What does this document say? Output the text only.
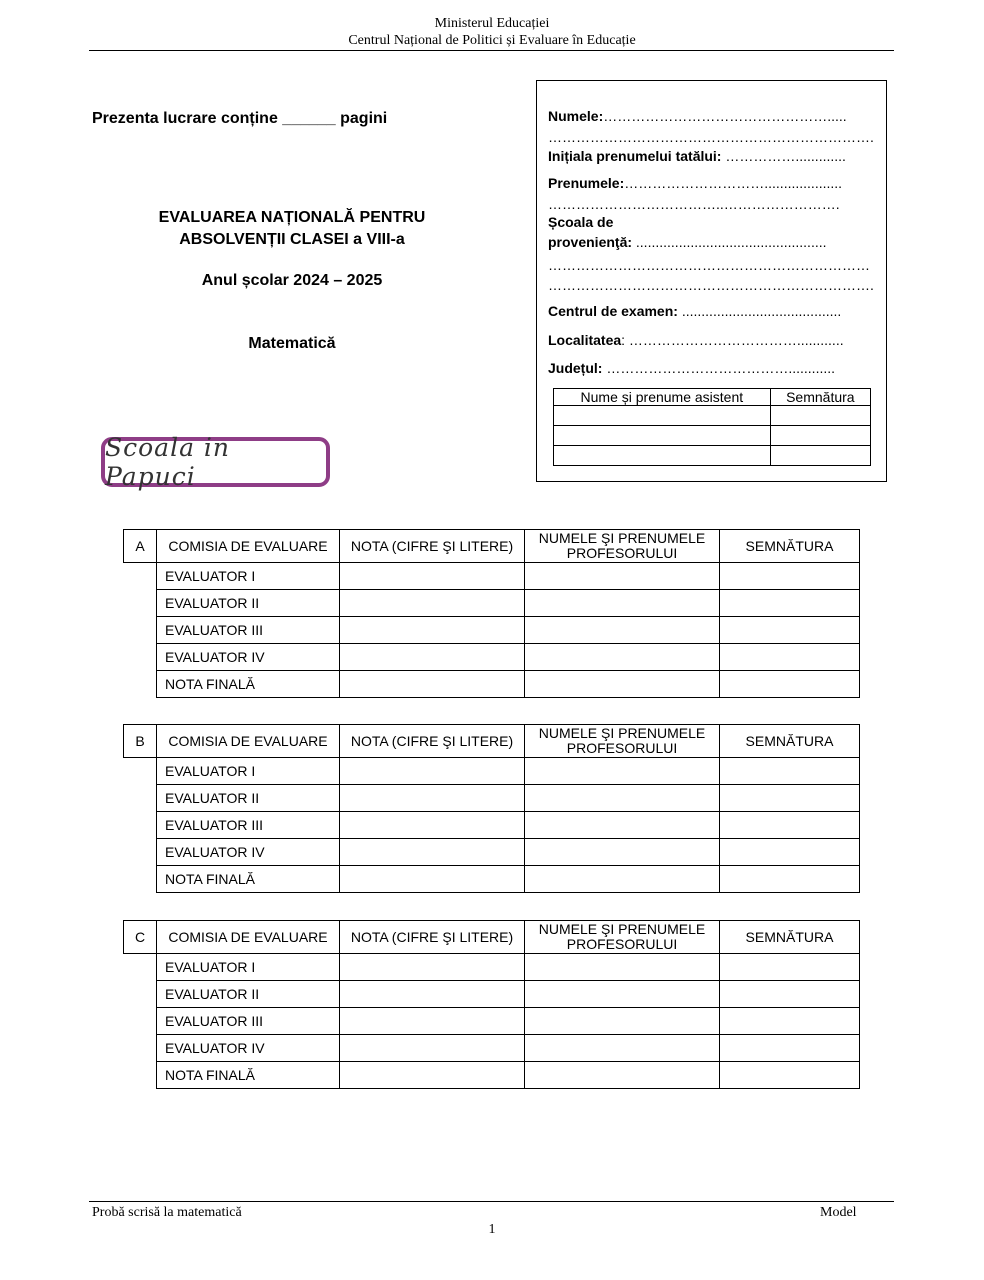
Ministerul Educației
Centrul Național de Politici și Evaluare în Educație
Prezenta lucrare conține ______ pagini
EVALUAREA NAȚIONALĂ PENTRU
ABSOLVENȚII CLASEI a VIII-a
Anul școlar 2024 – 2025
Matematică
Numele:………………………………………….....
…………………………………………………………….
Inițiala prenumelui tatălui: …………….............
Prenumele:…………………………....................
………………………………..…………………….
Școala de
provenienţă: .................................................
……………………………………………………………
…………………………………………………………….
Centrul de examen: .........................................
Localitatea: ………………………………............
Județul: …………………………………............
Nume și prenume asistent	Semnătura

Scoala in Papuci
A	COMISIA DE EVALUARE	NOTA (CIFRE ŞI LITERE)	NUMELE ŞI PRENUMELE
PROFESORULUI	SEMNĂTURA
	EVALUATOR I			
	EVALUATOR II			
	EVALUATOR III			
	EVALUATOR IV			
	NOTA FINALĂ			
B	COMISIA DE EVALUARE	NOTA (CIFRE ŞI LITERE)	NUMELE ŞI PRENUMELE
PROFESORULUI	SEMNĂTURA
	EVALUATOR I			
	EVALUATOR II			
	EVALUATOR III			
	EVALUATOR IV			
	NOTA FINALĂ			
C	COMISIA DE EVALUARE	NOTA (CIFRE ŞI LITERE)	NUMELE ŞI PRENUMELE
PROFESORULUI	SEMNĂTURA
	EVALUATOR I			
	EVALUATOR II			
	EVALUATOR III			
	EVALUATOR IV			
	NOTA FINALĂ			
Probă scrisă la matematică	Model
1
